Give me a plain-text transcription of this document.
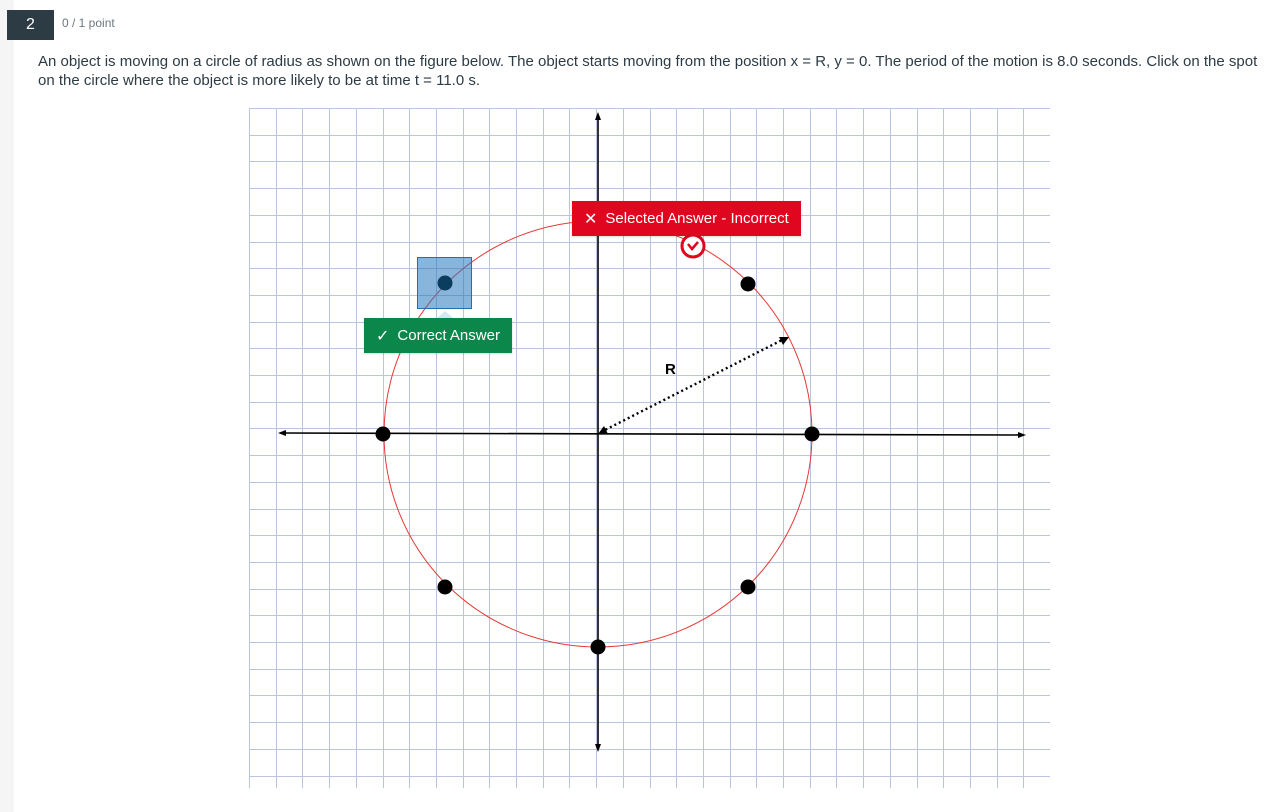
2	0 / 1 point
An object is moving on a circle of radius as shown on the figure below. The object starts moving from the position x = R, y = 0. The period of the motion is 8.0 seconds. Click on the spot on the circle where the object is more likely to be at time t = 11.0 s.
R
✕ Selected Answer - Incorrect
✓ Correct Answer
